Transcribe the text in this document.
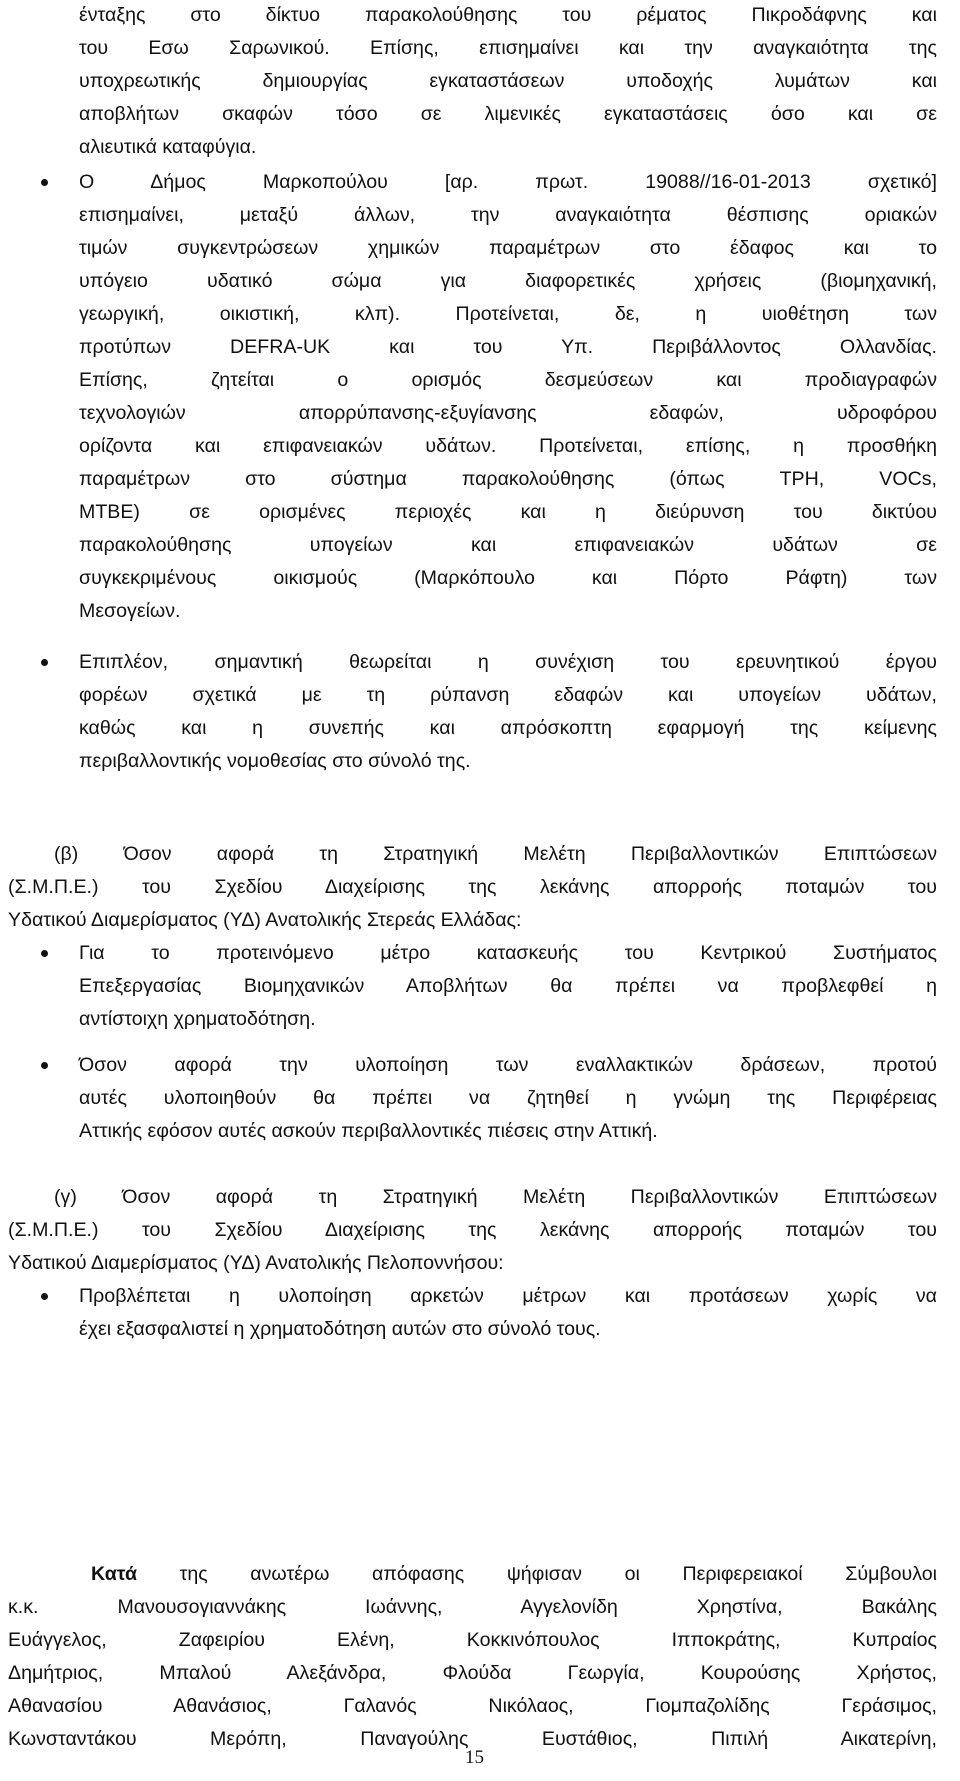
ένταξης στο δίκτυο παρακολούθησης του ρέματος Πικροδάφνης και
του Εσω Σαρωνικού. Επίσης, επισημαίνει και την αναγκαιότητα της
υποχρεωτικής δημιουργίας εγκαταστάσεων υποδοχής λυμάτων και
αποβλήτων σκαφών τόσο σε λιμενικές εγκαταστάσεις όσο και σε
αλιευτικά καταφύγια.
Ο Δήμος Μαρκοπούλου [αρ. πρωτ. 19088//16-01-2013 σχετικό]
επισημαίνει, μεταξύ άλλων, την αναγκαιότητα θέσπισης οριακών
τιμών συγκεντρώσεων χημικών παραμέτρων στο έδαφος και το
υπόγειο υδατικό σώμα για διαφορετικές χρήσεις (βιομηχανική,
γεωργική, οικιστική, κλπ). Προτείνεται, δε, η υιοθέτηση των
προτύπων DEFRA-UK και του Υπ. Περιβάλλοντος Ολλανδίας.
Επίσης, ζητείται ο ορισμός δεσμεύσεων και προδιαγραφών
τεχνολογιών απορρύπανσης-εξυγίανσης εδαφών, υδροφόρου
ορίζοντα και επιφανειακών υδάτων. Προτείνεται, επίσης, η προσθήκη
παραμέτρων στο σύστημα παρακολούθησης (όπως TPH, VOCs,
MTBE) σε ορισμένες περιοχές και η διεύρυνση του δικτύου
παρακολούθησης υπογείων και επιφανειακών υδάτων σε
συγκεκριμένους οικισμούς (Μαρκόπουλο και Πόρτο Ράφτη) των
Μεσογείων.
Επιπλέον, σημαντική θεωρείται η συνέχιση του ερευνητικού έργου
φορέων σχετικά με τη ρύπανση εδαφών και υπογείων υδάτων,
καθώς και η συνεπής και απρόσκοπτη εφαρμογή της κείμενης
περιβαλλοντικής νομοθεσίας στο σύνολό της.
(β) Όσον αφορά τη Στρατηγική Μελέτη Περιβαλλοντικών Επιπτώσεων
(Σ.Μ.Π.Ε.) του Σχεδίου Διαχείρισης της λεκάνης απορροής ποταμών του
Υδατικού Διαμερίσματος (ΥΔ) Ανατολικής Στερεάς Ελλάδας:
Για το προτεινόμενο μέτρο κατασκευής του Κεντρικού Συστήματος
Επεξεργασίας Βιομηχανικών Αποβλήτων θα πρέπει να προβλεφθεί η
αντίστοιχη χρηματοδότηση.
Όσον αφορά την υλοποίηση των εναλλακτικών δράσεων, προτού
αυτές υλοποιηθούν θα πρέπει να ζητηθεί η γνώμη της Περιφέρειας
Αττικής εφόσον αυτές ασκούν περιβαλλοντικές πιέσεις στην Αττική.
(γ) Όσον αφορά τη Στρατηγική Μελέτη Περιβαλλοντικών Επιπτώσεων
(Σ.Μ.Π.Ε.) του Σχεδίου Διαχείρισης της λεκάνης απορροής ποταμών του
Υδατικού Διαμερίσματος (ΥΔ) Ανατολικής Πελοποννήσου:
Προβλέπεται η υλοποίηση αρκετών μέτρων και προτάσεων χωρίς να
έχει εξασφαλιστεί η χρηματοδότηση αυτών στο σύνολό τους.
Κατά της ανωτέρω απόφασης ψήφισαν οι Περιφερειακοί Σύμβουλοι
κ.κ. Μανουσογιαννάκης Ιωάννης, Αγγελονίδη Χρηστίνα, Βακάλης
Ευάγγελος, Ζαφειρίου Ελένη, Κοκκινόπουλος Ιπποκράτης, Κυπραίος
Δημήτριος, Μπαλού Αλεξάνδρα, Φλούδα Γεωργία, Κουρούσης Χρήστος,
Αθανασίου Αθανάσιος, Γαλανός Νικόλαος, Γιομπαζολίδης Γεράσιμος,
Κωνσταντάκου Μερόπη, Παναγούλης Ευστάθιος, Πιπιλή Αικατερίνη,
15
